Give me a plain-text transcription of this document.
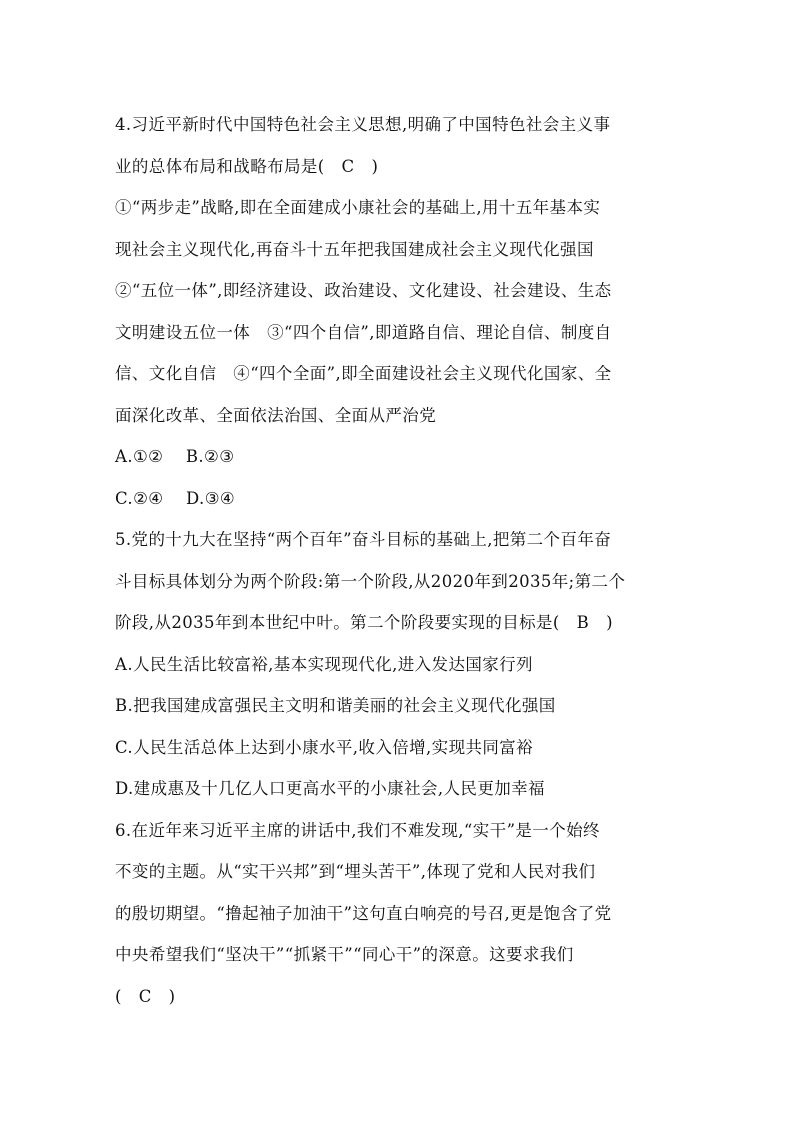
4.习近平新时代中国特色社会主义思想,明确了中国特色社会主义事
业的总体布局和战略布局是(　C　)
①“两步走”战略,即在全面建成小康社会的基础上,用十五年基本实
现社会主义现代化,再奋斗十五年把我国建成社会主义现代化强国
②“五位一体”,即经济建设、政治建设、文化建设、社会建设、生态
文明建设五位一体　③“四个自信”,即道路自信、理论自信、制度自
信、文化自信　④“四个全面”,即全面建设社会主义现代化国家、全
面深化改革、全面依法治国、全面从严治党
A.①②　 B.②③
C.②④　 D.③④
5.党的十九大在坚持“两个百年”奋斗目标的基础上,把第二个百年奋
斗目标具体划分为两个阶段:第一个阶段,从2020年到2035年;第二个
阶段,从2035年到本世纪中叶。第二个阶段要实现的目标是(　B　)
A.人民生活比较富裕,基本实现现代化,进入发达国家行列
B.把我国建成富强民主文明和谐美丽的社会主义现代化强国
C.人民生活总体上达到小康水平,收入倍增,实现共同富裕
D.建成惠及十几亿人口更高水平的小康社会,人民更加幸福
6.在近年来习近平主席的讲话中,我们不难发现,“实干”是一个始终
不变的主题。从“实干兴邦”到“埋头苦干”,体现了党和人民对我们
的殷切期望。“撸起袖子加油干”这句直白响亮的号召,更是饱含了党
中央希望我们“坚决干”“抓紧干”“同心干”的深意。这要求我们
(　C　)
